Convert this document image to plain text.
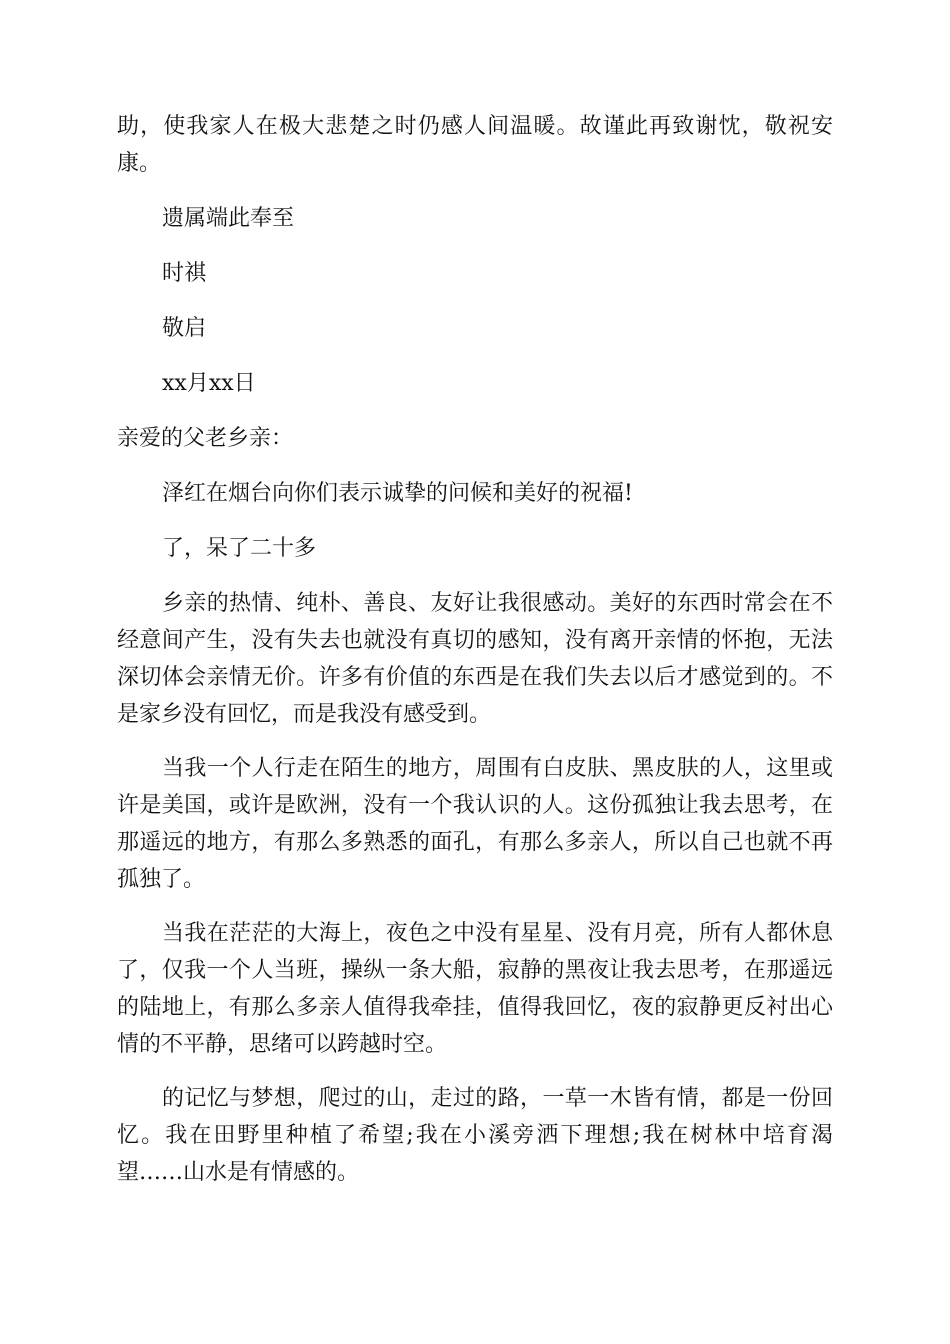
助，使我家人在极大悲楚之时仍感人间温暖。故谨此再致谢忱，敬祝安康。

遗属端此奉至

时祺

敬启

xx月xx日

亲爱的父老乡亲：

泽红在烟台向你们表示诚挚的问候和美好的祝福!

了，呆了二十多

乡亲的热情、纯朴、善良、友好让我很感动。美好的东西时常会在不经意间产生，没有失去也就没有真切的感知，没有离开亲情的怀抱，无法深切体会亲情无价。许多有价值的东西是在我们失去以后才感觉到的。不是家乡没有回忆，而是我没有感受到。

当我一个人行走在陌生的地方，周围有白皮肤、黑皮肤的人，这里或许是美国，或许是欧洲，没有一个我认识的人。这份孤独让我去思考，在那遥远的地方，有那么多熟悉的面孔，有那么多亲人，所以自己也就不再孤独了。

当我在茫茫的大海上，夜色之中没有星星、没有月亮，所有人都休息了，仅我一个人当班，操纵一条大船，寂静的黑夜让我去思考，在那遥远的陆地上，有那么多亲人值得我牵挂，值得我回忆，夜的寂静更反衬出心情的不平静，思绪可以跨越时空。

的记忆与梦想，爬过的山，走过的路，一草一木皆有情，都是一份回忆。我在田野里种植了希望;我在小溪旁洒下理想;我在树林中培育渴望……山水是有情感的。
